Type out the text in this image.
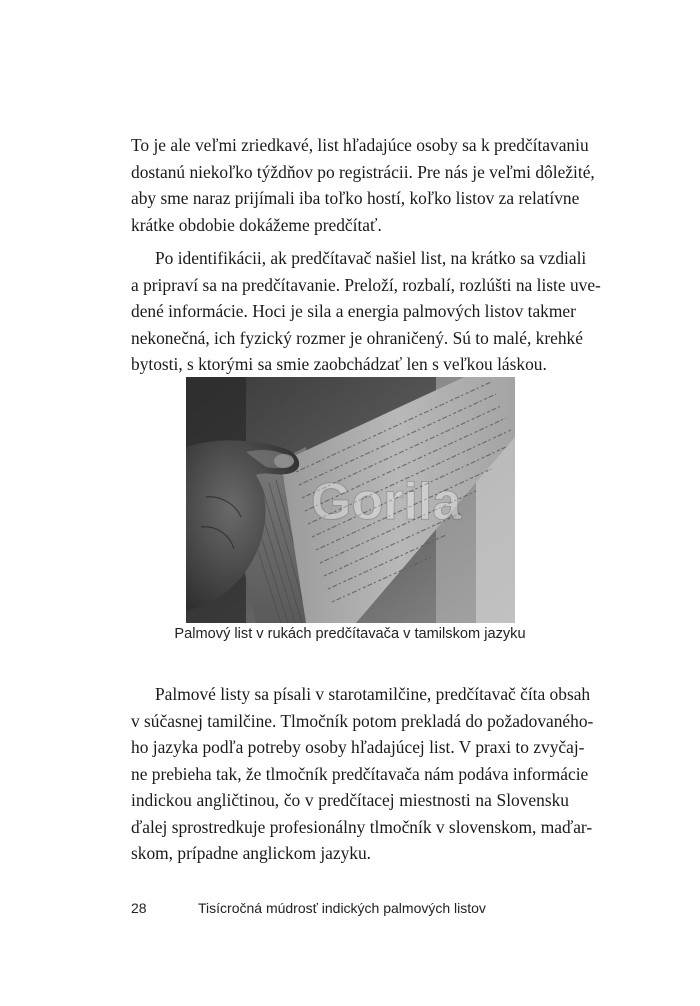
To je ale veľmi zriedkavé, list hľadajúce osoby sa k predčítavaniu
dostanú niekoľko týždňov po registrácii. Pre nás je veľmi dôležité,
aby sme naraz prijímali iba toľko hostí, koľko listov za relatívne
krátke obdobie dokážeme predčítať.
Po identifikácii, ak predčítavač našiel list, na krátko sa vzdiali
a pripraví sa na predčítavanie. Preloží, rozbalí, rozlúšti na liste uve-
dené informácie. Hoci je sila a energia palmových listov takmer
nekonečná, ich fyzický rozmer je ohraničený. Sú to malé, krehké
bytosti, s ktorými sa smie zaobchádzať len s veľkou láskou.
Gorila
Palmový list v rukách predčítavača v tamilskom jazyku
Palmové listy sa písali v starotamilčine, predčítavač číta obsah
v súčasnej tamilčine. Tlmočník potom prekladá do požadovaného-
ho jazyka podľa potreby osoby hľadajúcej list. V praxi to zvyčaj-
ne prebieha tak, že tlmočník predčítavača nám podáva informácie
indickou angličtinou, čo v predčítacej miestnosti na Slovensku
ďalej sprostredkuje profesionálny tlmočník v slovenskom, maďar-
skom, prípadne anglickom jazyku.
28	Tisícročná múdrosť indických palmových listov
